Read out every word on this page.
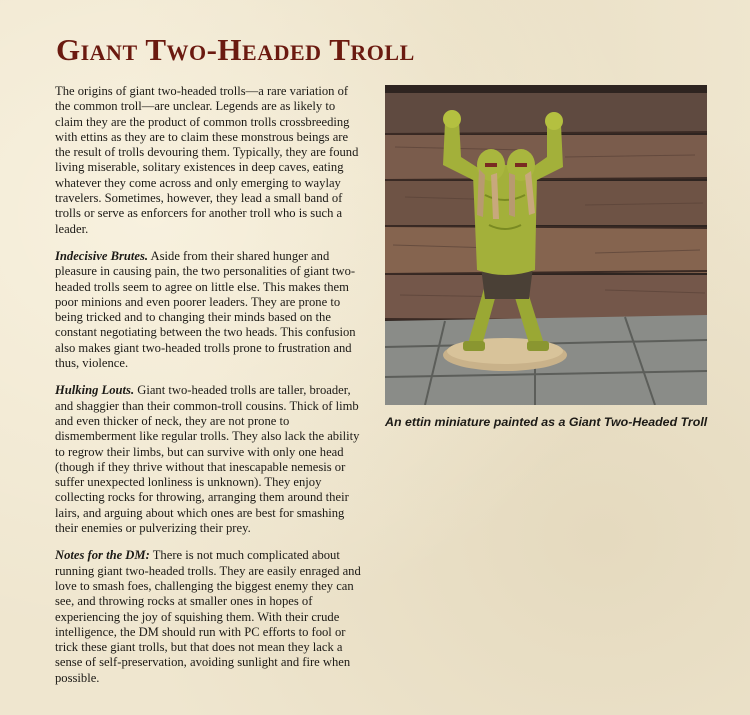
Giant Two-Headed Troll

The origins of giant two-headed trolls—a rare variation of the common troll—are unclear. Legends are as likely to claim they are the product of common trolls crossbreeding with ettins as they are to claim these monstrous beings are the result of trolls devouring them. Typically, they are found living miserable, solitary existences in deep caves, eating whatever they come across and only emerging to waylay travelers. Sometimes, however, they lead a small band of trolls or serve as enforcers for another troll who is such a leader.

Indecisive Brutes. Aside from their shared hunger and pleasure in causing pain, the two personalities of giant two-headed trolls seem to agree on little else. This makes them poor minions and even poorer leaders. They are prone to being tricked and to changing their minds based on the constant negotiating between the two heads. This confusion also makes giant two-headed trolls prone to frustration and thus, violence.

Hulking Louts. Giant two-headed trolls are taller, broader, and shaggier than their common-troll cousins. Thick of limb and even thicker of neck, they are not prone to dismemberment like regular trolls. They also lack the ability to regrow their limbs, but can survive with only one head (though if they thrive without that inescapable nemesis or suffer unexpected lonliness is unknown). They enjoy collecting rocks for throwing, arranging them around their lairs, and arguing about which ones are best for smashing their enemies or pulverizing their prey.

Notes for the DM: There is not much complicated about running giant two-headed trolls. They are easily enraged and love to smash foes, challenging the biggest enemy they can see, and throwing rocks at smaller ones in hopes of experiencing the joy of squishing them. With their crude intelligence, the DM should run with PC efforts to fool or trick these giant trolls, but that does not mean they lack a sense of self-preservation, avoiding sunlight and fire when possible.

An ettin miniature painted as a Giant Two-Headed Troll
